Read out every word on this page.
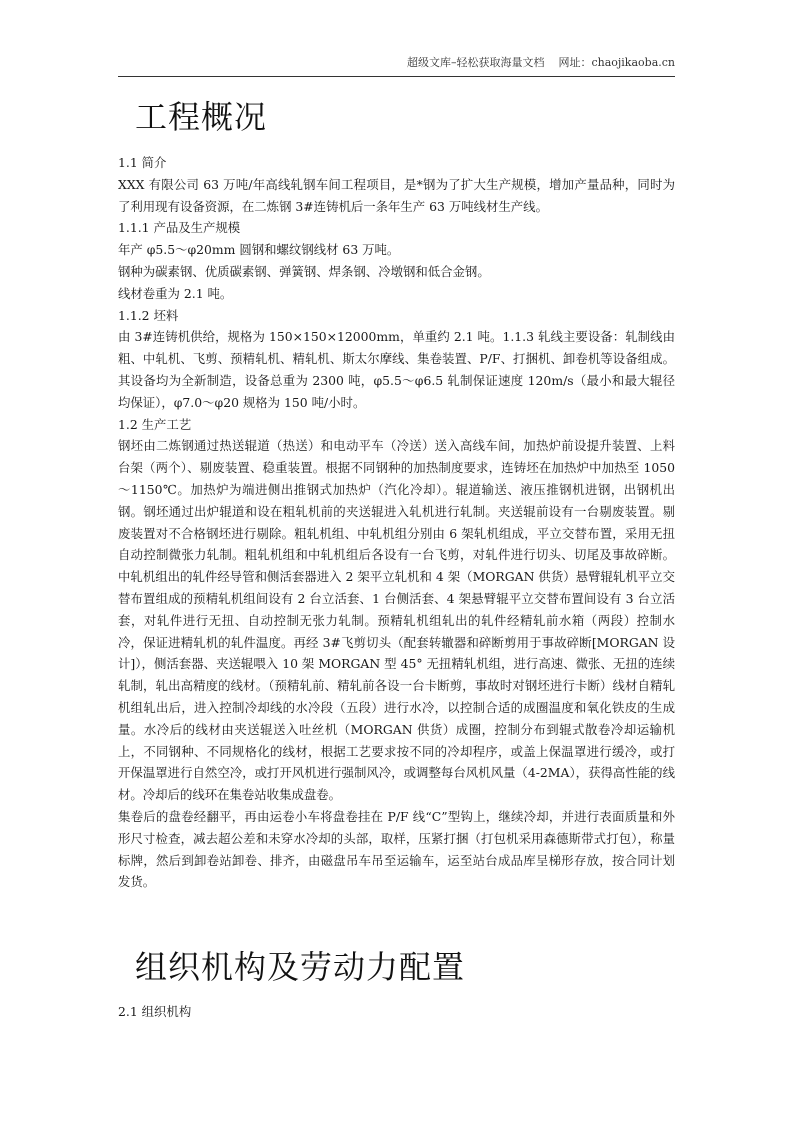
超级文库–轻松获取海量文档 网址：chaojikaoba.cn
工程概况

1.1 简介

XXX 有限公司 63 万吨/年高线轧钢车间工程项目，是*钢为了扩大生产规模，增加产量品种，同时为了利用现有设备资源，在二炼钢 3#连铸机后一条年生产 63 万吨线材生产线。

1.1.1 产品及生产规模

年产 φ5.5～φ20mm 圆钢和螺纹钢线材 63 万吨。

钢种为碳素钢、优质碳素钢、弹簧钢、焊条钢、冷墩钢和低合金钢。

线材卷重为 2.1 吨。

1.1.2 坯料

由 3#连铸机供给，规格为 150×150×12000mm，单重约 2.1 吨。1.1.3 轧线主要设备：轧制线由粗、中轧机、飞剪、预精轧机、精轧机、斯太尔摩线、集卷装置、P/F、打捆机、卸卷机等设备组成。其设备均为全新制造，设备总重为 2300 吨，φ5.5～φ6.5 轧制保证速度 120m/s（最小和最大辊径均保证），φ7.0～φ20 规格为 150 吨/小时。

1.2 生产工艺

钢坯由二炼钢通过热送辊道（热送）和电动平车（冷送）送入高线车间，加热炉前设提升装置、上料台架（两个）、剔废装置、稳重装置。根据不同钢种的加热制度要求，连铸坯在加热炉中加热至 1050～1150℃。加热炉为端进侧出推钢式加热炉（汽化冷却）。辊道输送、液压推钢机进钢，出钢机出钢。钢坯通过出炉辊道和设在粗轧机前的夹送辊进入轧机进行轧制。夹送辊前设有一台剔废装置。剔废装置对不合格钢坯进行剔除。粗轧机组、中轧机组分别由 6 架轧机组成，平立交替布置，采用无扭自动控制微张力轧制。粗轧机组和中轧机组后各设有一台飞剪，对轧件进行切头、切尾及事故碎断。中轧机组出的轧件经导管和侧活套器进入 2 架平立轧机和 4 架（MORGAN 供货）悬臂辊轧机平立交替布置组成的预精轧机组间设有 2 台立活套、1 台侧活套、4 架悬臂辊平立交替布置间设有 3 台立活套，对轧件进行无扭、自动控制无张力轧制。预精轧机组轧出的轧件经精轧前水箱（两段）控制水冷，保证进精轧机的轧件温度。再经 3#飞剪切头（配套转辙器和碎断剪用于事故碎断[MORGAN 设计]），侧活套器、夹送辊喂入 10 架 MORGAN 型 45° 无扭精轧机组，进行高速、微张、无扭的连续轧制，轧出高精度的线材。（预精轧前、精轧前各设一台卡断剪，事故时对钢坯进行卡断）线材自精轧机组轧出后，进入控制冷却线的水冷段（五段）进行水冷，以控制合适的成圈温度和氧化铁皮的生成量。水冷后的线材由夹送辊送入吐丝机（MORGAN 供货）成圈，控制分布到辊式散卷冷却运输机上，不同钢种、不同规格化的线材，根据工艺要求按不同的冷却程序，或盖上保温罩进行缓冷，或打开保温罩进行自然空冷，或打开风机进行强制风冷，或调整每台风机风量（4-2MA），获得高性能的线材。冷却后的线环在集卷站收集成盘卷。

集卷后的盘卷经翻平，再由运卷小车将盘卷挂在 P/F 线“C”型钩上，继续冷却，并进行表面质量和外形尺寸检查，减去超公差和未穿水冷却的头部，取样，压紧打捆（打包机采用森德斯带式打包），称量标牌，然后到卸卷站卸卷、排齐，由磁盘吊车吊至运输车，运至站台成品库呈梯形存放，按合同计划发货。

组织机构及劳动力配置

2.1 组织机构
